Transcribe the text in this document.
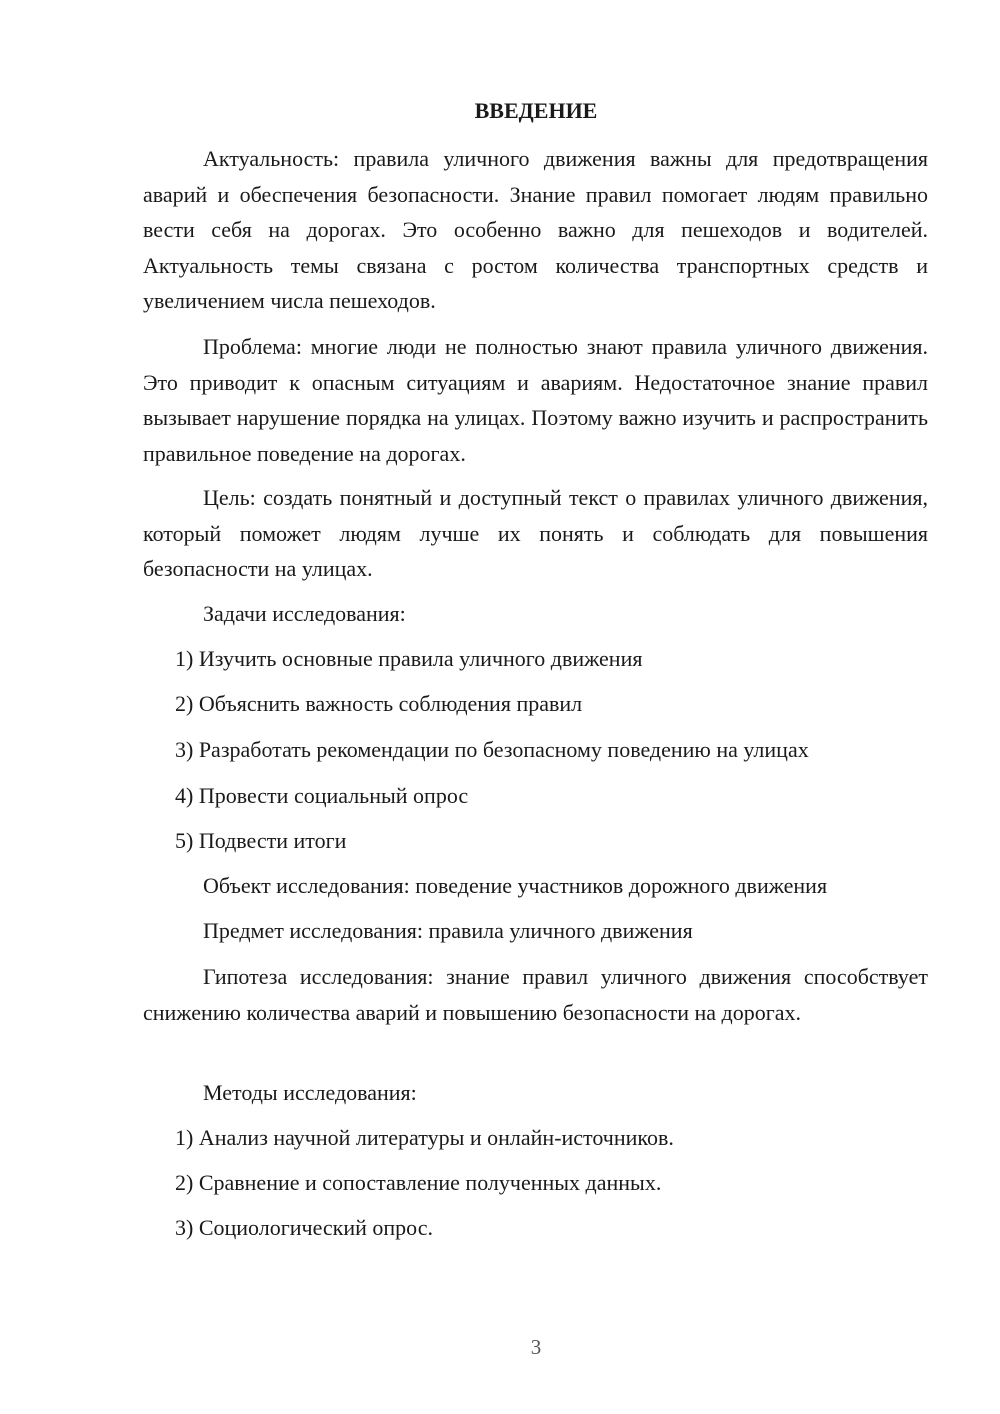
ВВЕДЕНИЕ

Актуальность: правила уличного движения важны для предотвращения аварий и обеспечения безопасности. Знание правил помогает людям правильно вести себя на дорогах. Это особенно важно для пешеходов и водителей. Актуальность темы связана с ростом количества транспортных средств и увеличением числа пешеходов.

Проблема: многие люди не полностью знают правила уличного движения. Это приводит к опасным ситуациям и авариям. Недостаточное знание правил вызывает нарушение порядка на улицах. Поэтому важно изучить и распространить правильное поведение на дорогах.

Цель: создать понятный и доступный текст о правилах уличного движения, который поможет людям лучше их понять и соблюдать для повышения безопасности на улицах.

Задачи исследования:

1) Изучить основные правила уличного движения

2) Объяснить важность соблюдения правил

3) Разработать рекомендации по безопасному поведению на улицах

4) Провести социальный опрос

5) Подвести итоги

Объект исследования: поведение участников дорожного движения

Предмет исследования: правила уличного движения

Гипотеза исследования: знание правил уличного движения способствует снижению количества аварий и повышению безопасности на дорогах.

Методы исследования:

1) Анализ научной литературы и онлайн-источников.

2) Сравнение и сопоставление полученных данных.

3) Социологический опрос.

3
